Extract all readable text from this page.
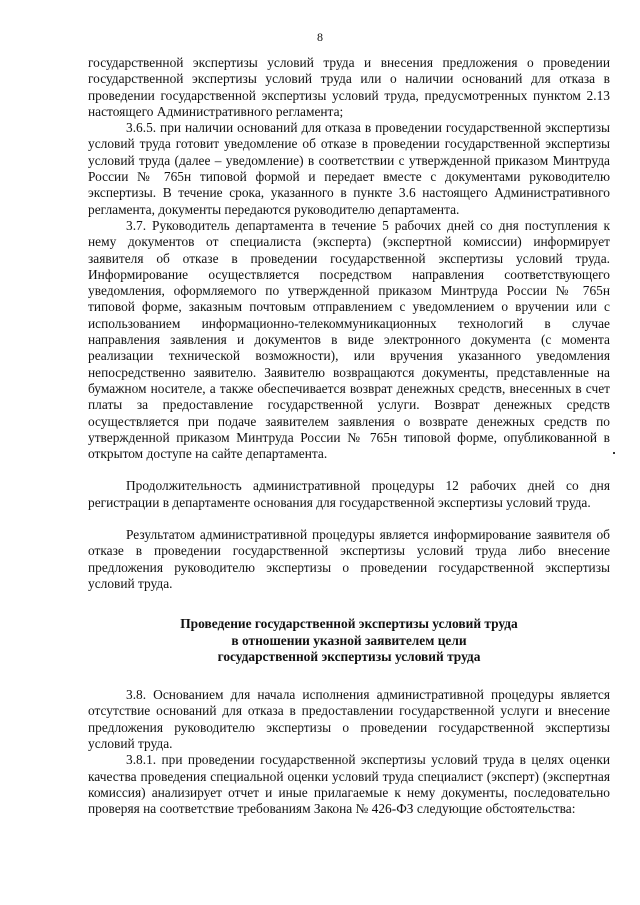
8

государственной экспертизы условий труда и внесения предложения о проведении государственной экспертизы условий труда или о наличии оснований для отказа в проведении государственной экспертизы условий труда, предусмотренных пунктом 2.13 настоящего Административного регламента;

3.6.5. при наличии оснований для отказа в проведении государственной экспертизы условий труда готовит уведомление об отказе в проведении государственной экспертизы условий труда (далее – уведомление) в соответствии с утвержденной приказом Минтруда России № 765н типовой формой и передает вместе с документами руководителю экспертизы. В течение срока, указанного в пункте 3.6 настоящего Административного регламента, документы передаются руководителю департамента.

3.7. Руководитель департамента в течение 5 рабочих дней со дня поступления к нему документов от специалиста (эксперта) (экспертной комиссии) информирует заявителя об отказе в проведении государственной экспертизы условий труда. Информирование осуществляется посредством направления соответствующего уведомления, оформляемого по утвержденной приказом Минтруда России № 765н типовой форме, заказным почтовым отправлением с уведомлением о вручении или с использованием информационно-телекоммуникационных технологий в случае направления заявления и документов в виде электронного документа (с момента реализации технической возможности), или вручения указанного уведомления непосредственно заявителю. Заявителю возвращаются документы, представленные на бумажном носителе, а также обеспечивается возврат денежных средств, внесенных в счет платы за предоставление государственной услуги. Возврат денежных средств осуществляется при подаче заявителем заявления о возврате денежных средств по утвержденной приказом Минтруда России № 765н типовой форме, опубликованной в открытом доступе на сайте департамента.

Продолжительность административной процедуры 12 рабочих дней со дня регистрации в департаменте основания для государственной экспертизы условий труда.

Результатом административной процедуры является информирование заявителя об отказе в проведении государственной экспертизы условий труда либо внесение предложения руководителю экспертизы о проведении государственной экспертизы условий труда.

Проведение государственной экспертизы условий труда
в отношении указной заявителем цели
государственной экспертизы условий труда

3.8. Основанием для начала исполнения административной процедуры является отсутствие оснований для отказа в предоставлении государственной услуги и внесение предложения руководителю экспертизы о проведении государственной экспертизы условий труда.

3.8.1. при проведении государственной экспертизы условий труда в целях оценки качества проведения специальной оценки условий труда специалист (эксперт) (экспертная комиссия) анализирует отчет и иные прилагаемые к нему документы, последовательно проверяя на соответствие требованиям Закона № 426-ФЗ следующие обстоятельства:
